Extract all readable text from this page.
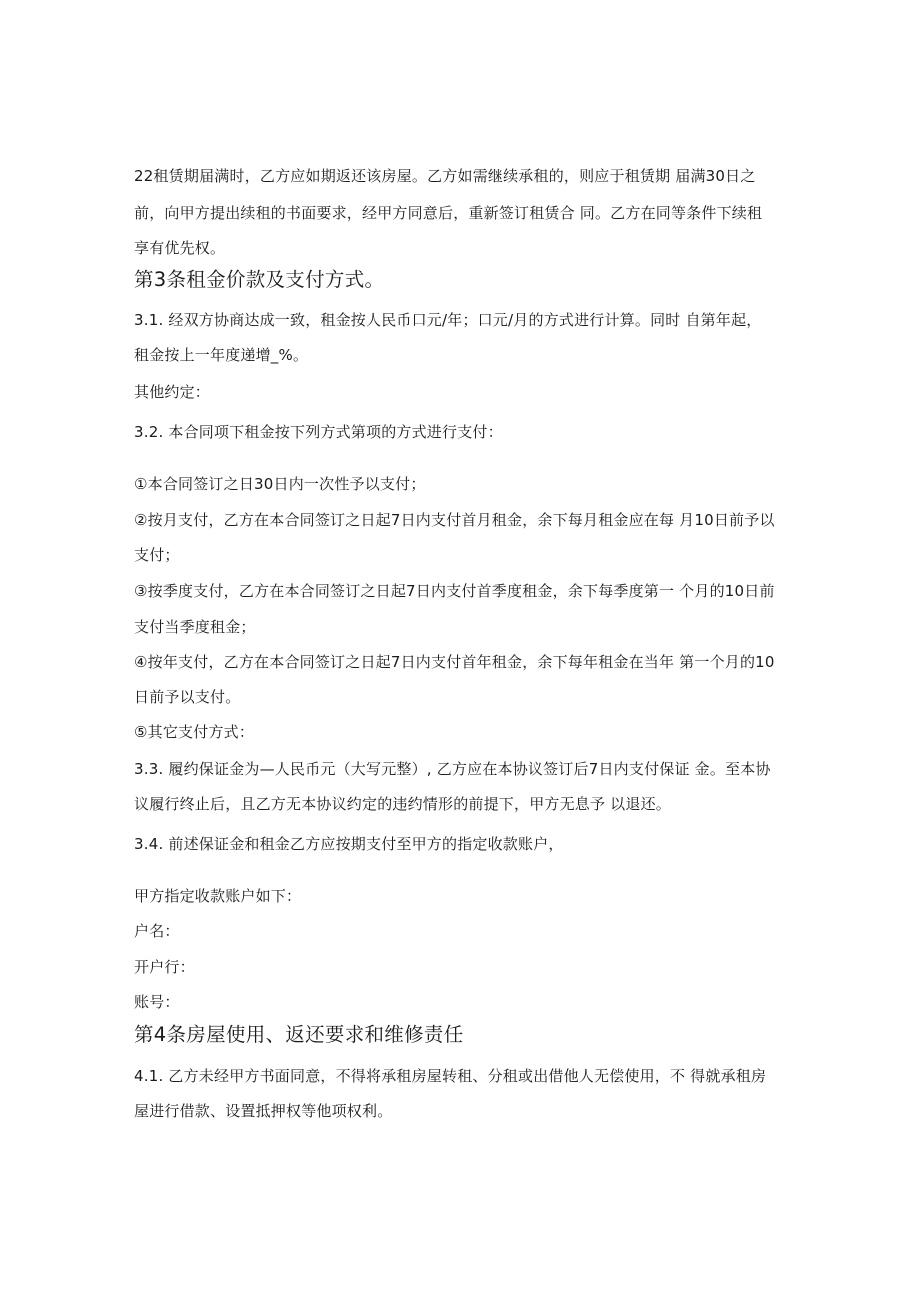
22租赁期届满时，乙方应如期返还该房屋。乙方如需继续承租的，则应于租赁期 届满30日之
前，向甲方提出续租的书面要求，经甲方同意后，重新签订租赁合 同。乙方在同等条件下续租
享有优先权。
第3条租金价款及支付方式。
3.1. 经双方协商达成一致，租金按人民币口元/年；口元/月的方式进行计算。同时 自第年起，
租金按上一年度递增_%。
其他约定：
3.2. 本合同项下租金按下列方式第项的方式进行支付：
①本合同签订之日30日内一次性予以支付；
②按月支付，乙方在本合同签订之日起7日内支付首月租金，余下每月租金应在每 月10日前予以
支付；
③按季度支付，乙方在本合同签订之日起7日内支付首季度租金，余下每季度第一 个月的10日前
支付当季度租金；
④按年支付，乙方在本合同签订之日起7日内支付首年租金，余下每年租金在当年 第一个月的10
日前予以支付。
⑤其它支付方式：
3.3. 履约保证金为—人民币元（大写元整）, 乙方应在本协议签订后7日内支付保证 金。至本协
议履行终止后，且乙方无本协议约定的违约情形的前提下，甲方无息予 以退还。
3.4. 前述保证金和租金乙方应按期支付至甲方的指定收款账户，
甲方指定收款账户如下：
户名：
开户行：
账号：
第4条房屋使用、返还要求和维修责任
4.1. 乙方未经甲方书面同意，不得将承租房屋转租、分租或出借他人无偿使用，不 得就承租房
屋进行借款、设置抵押权等他项权利。
